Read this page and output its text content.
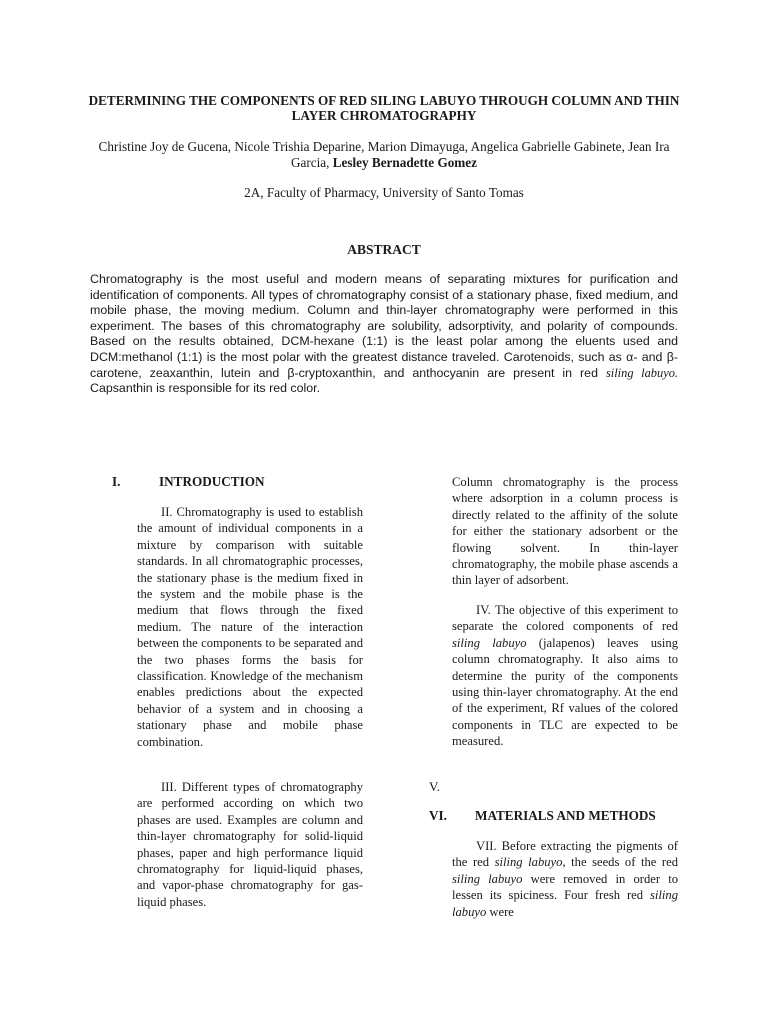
DETERMINING THE COMPONENTS OF RED SILING LABUYO THROUGH COLUMN AND THIN LAYER CHROMATOGRAPHY
Christine Joy de Gucena, Nicole Trishia Deparine, Marion Dimayuga, Angelica Gabrielle Gabinete, Jean Ira Garcia, Lesley Bernadette Gomez
2A, Faculty of Pharmacy, University of Santo Tomas
ABSTRACT
Chromatography is the most useful and modern means of separating mixtures for purification and identification of components. All types of chromatography consist of a stationary phase, fixed medium, and mobile phase, the moving medium. Column and thin-layer chromatography were performed in this experiment. The bases of this chromatography are solubility, adsorptivity, and polarity of compounds. Based on the results obtained, DCM-hexane (1:1) is the least polar among the eluents used and DCM:methanol (1:1) is the most polar with the greatest distance traveled. Carotenoids, such as α- and β-carotene, zeaxanthin, lutein and β-cryptoxanthin, and anthocyanin are present in red siling labuyo. Capsanthin is responsible for its red color.
I.	INTRODUCTION
II. Chromatography is used to establish the amount of individual components in a mixture by comparison with suitable standards. In all chromatographic processes, the stationary phase is the medium fixed in the system and the mobile phase is the medium that flows through the fixed medium. The nature of the interaction between the components to be separated and the two phases forms the basis for classification. Knowledge of the mechanism enables predictions about the expected behavior of a system and in choosing a stationary phase and mobile phase combination.
III. Different types of chromatography are performed according on which two phases are used. Examples are column and thin-layer chromatography for solid-liquid phases, paper and high performance liquid chromatography for liquid-liquid phases, and vapor-phase chromatography for gas-liquid phases.
Column chromatography is the process where adsorption in a column process is directly related to the affinity of the solute for either the stationary adsorbent or the flowing solvent. In thin-layer chromatography, the mobile phase ascends a thin layer of adsorbent.
IV. The objective of this experiment to separate the colored components of red siling labuyo (jalapenos) leaves using column chromatography. It also aims to determine the purity of the components using thin-layer chromatography. At the end of the experiment, Rf values of the colored components in TLC are expected to be measured.
V.
VI. MATERIALS AND METHODS
VII. Before extracting the pigments of the red siling labuyo, the seeds of the red siling labuyo were removed in order to lessen its spiciness. Four fresh red siling labuyo were
